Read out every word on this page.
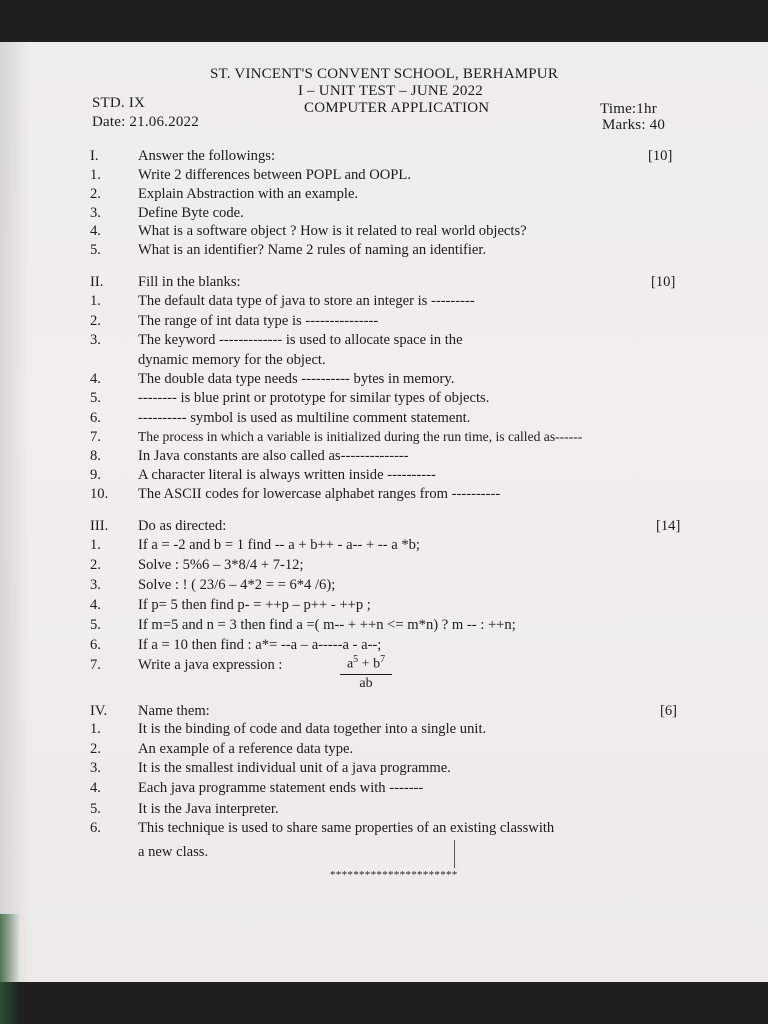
ST. VINCENT'S CONVENT SCHOOL, BERHAMPUR
I – UNIT TEST – JUNE 2022
COMPUTER APPLICATION
STD. IX
Date: 21.06.2022
Time:1hr
Marks: 40
I.	Answer the followings:	[10]
1.	Write 2 differences between POPL and OOPL.
2.	Explain Abstraction with an example.
3.	Define Byte code.
4.	What is a software object ? How is it related to real world objects?
5.	What is an identifier? Name 2 rules of naming an identifier.
II. Fill in the blanks:	[10]
1.	The default data type of java to store an integer is ---------
2.	The range of int data type is ---------------
3.	The keyword ------------- is used to allocate space in the
dynamic memory for the object.
4.	The double data type needs ---------- bytes in memory.
5.	-------- is blue print or prototype for similar types of objects.
6.	---------- symbol is used as multiline comment statement.
7.	The process in which a variable is initialized during the run time, is called as------
8.	In Java constants are also called as--------------
9.	A character literal is always written inside ----------
10. The ASCII codes for lowercase alphabet ranges from ----------
III. Do as directed:	[14]
1.	If a = -2 and b = 1 find -- a + b++ - a-- + -- a *b;
2.	Solve : 5%6 – 3*8/4 + 7-12;
3.	Solve : ! ( 23/6 – 4*2 = = 6*4 /6);
4.	If p= 5 then find p- = ++p – p++ - ++p ;
5.	If m=5 and n = 3 then find a =( m-- + ++n <= m*n) ? m -- : ++n;
6.	If a = 10 then find : a*= --a – a-----a - a--;
7.	Write a java expression :	$\frac{a^5 + b^7}{ab}$
IV. Name them:	[6]
1.	It is the binding of code and data together into a single unit.
2.	An example of a reference data type.
3.	It is the smallest individual unit of a java programme.
4.	Each java programme statement ends with -------
5.	It is the Java interpreter.
6.	This technique is used to share same properties of an existing classwith
a new class.
**********************
